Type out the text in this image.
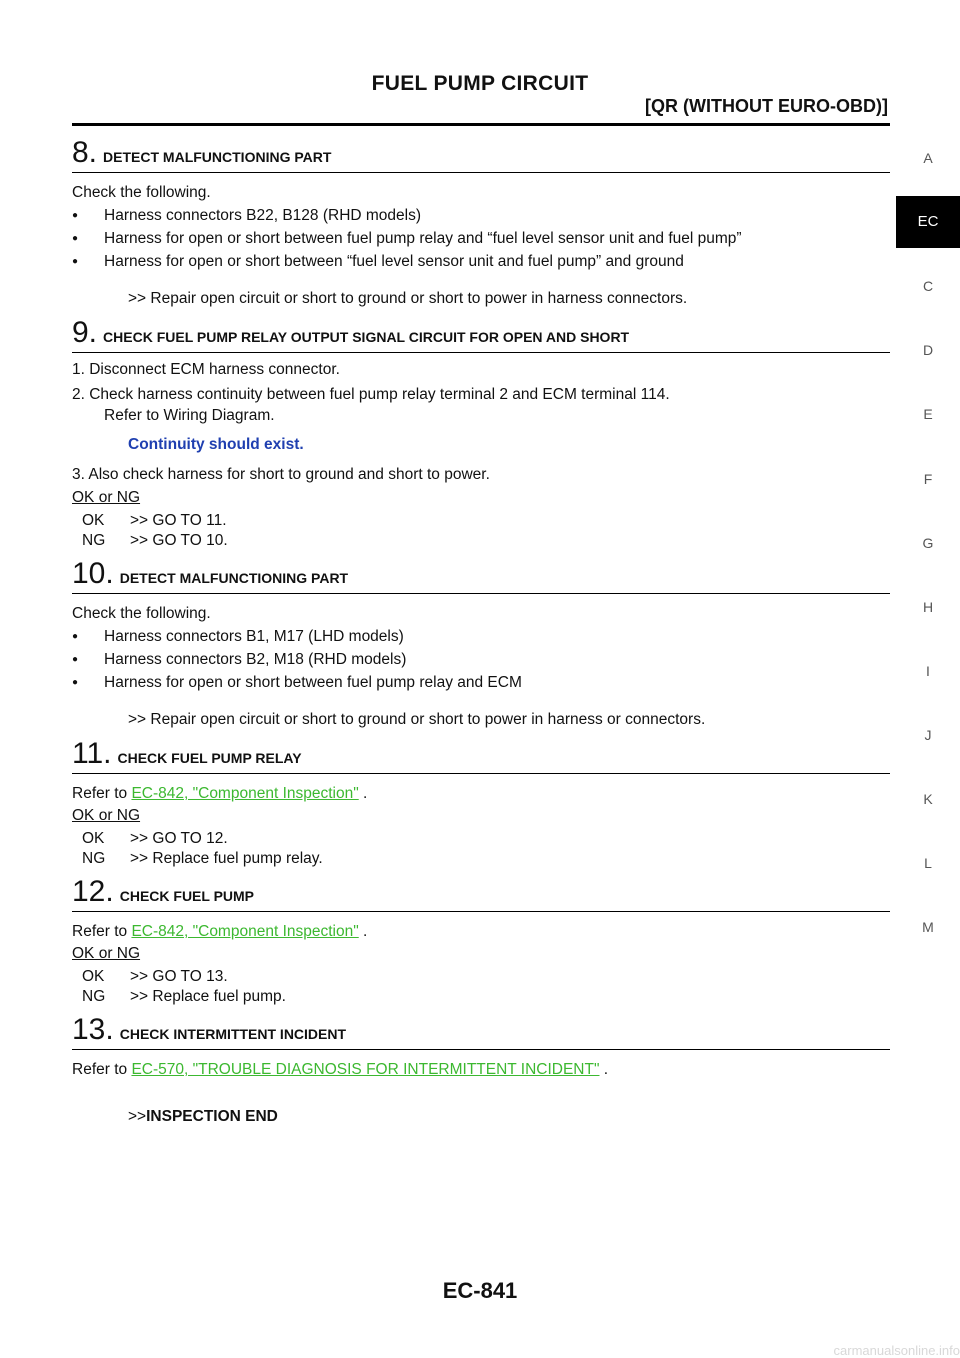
FUEL PUMP CIRCUIT
[QR (WITHOUT EURO-OBD)]
A
EC
C
D
E
F
G
H
I
J
K
L
M
8. DETECT MALFUNCTIONING PART
Check the following.
● Harness connectors B22, B128 (RHD models)
● Harness for open or short between fuel pump relay and “fuel level sensor unit and fuel pump”
● Harness for open or short between “fuel level sensor unit and fuel pump” and ground
>> Repair open circuit or short to ground or short to power in harness connectors.
9. CHECK FUEL PUMP RELAY OUTPUT SIGNAL CIRCUIT FOR OPEN AND SHORT
1. Disconnect ECM harness connector.
2. Check harness continuity between fuel pump relay terminal 2 and ECM terminal 114.
Refer to Wiring Diagram.
Continuity should exist.
3. Also check harness for short to ground and short to power.
OK or NG
OK >> GO TO 11.
NG >> GO TO 10.
10. DETECT MALFUNCTIONING PART
Check the following.
● Harness connectors B1, M17 (LHD models)
● Harness connectors B2, M18 (RHD models)
● Harness for open or short between fuel pump relay and ECM
>> Repair open circuit or short to ground or short to power in harness or connectors.
11. CHECK FUEL PUMP RELAY
Refer to EC-842, "Component Inspection" .
OK or NG
OK >> GO TO 12.
NG >> Replace fuel pump relay.
12. CHECK FUEL PUMP
Refer to EC-842, "Component Inspection" .
OK or NG
OK >> GO TO 13.
NG >> Replace fuel pump.
13. CHECK INTERMITTENT INCIDENT
Refer to EC-570, "TROUBLE DIAGNOSIS FOR INTERMITTENT INCIDENT" .
>>INSPECTION END
EC-841
carmanualsonline.info
